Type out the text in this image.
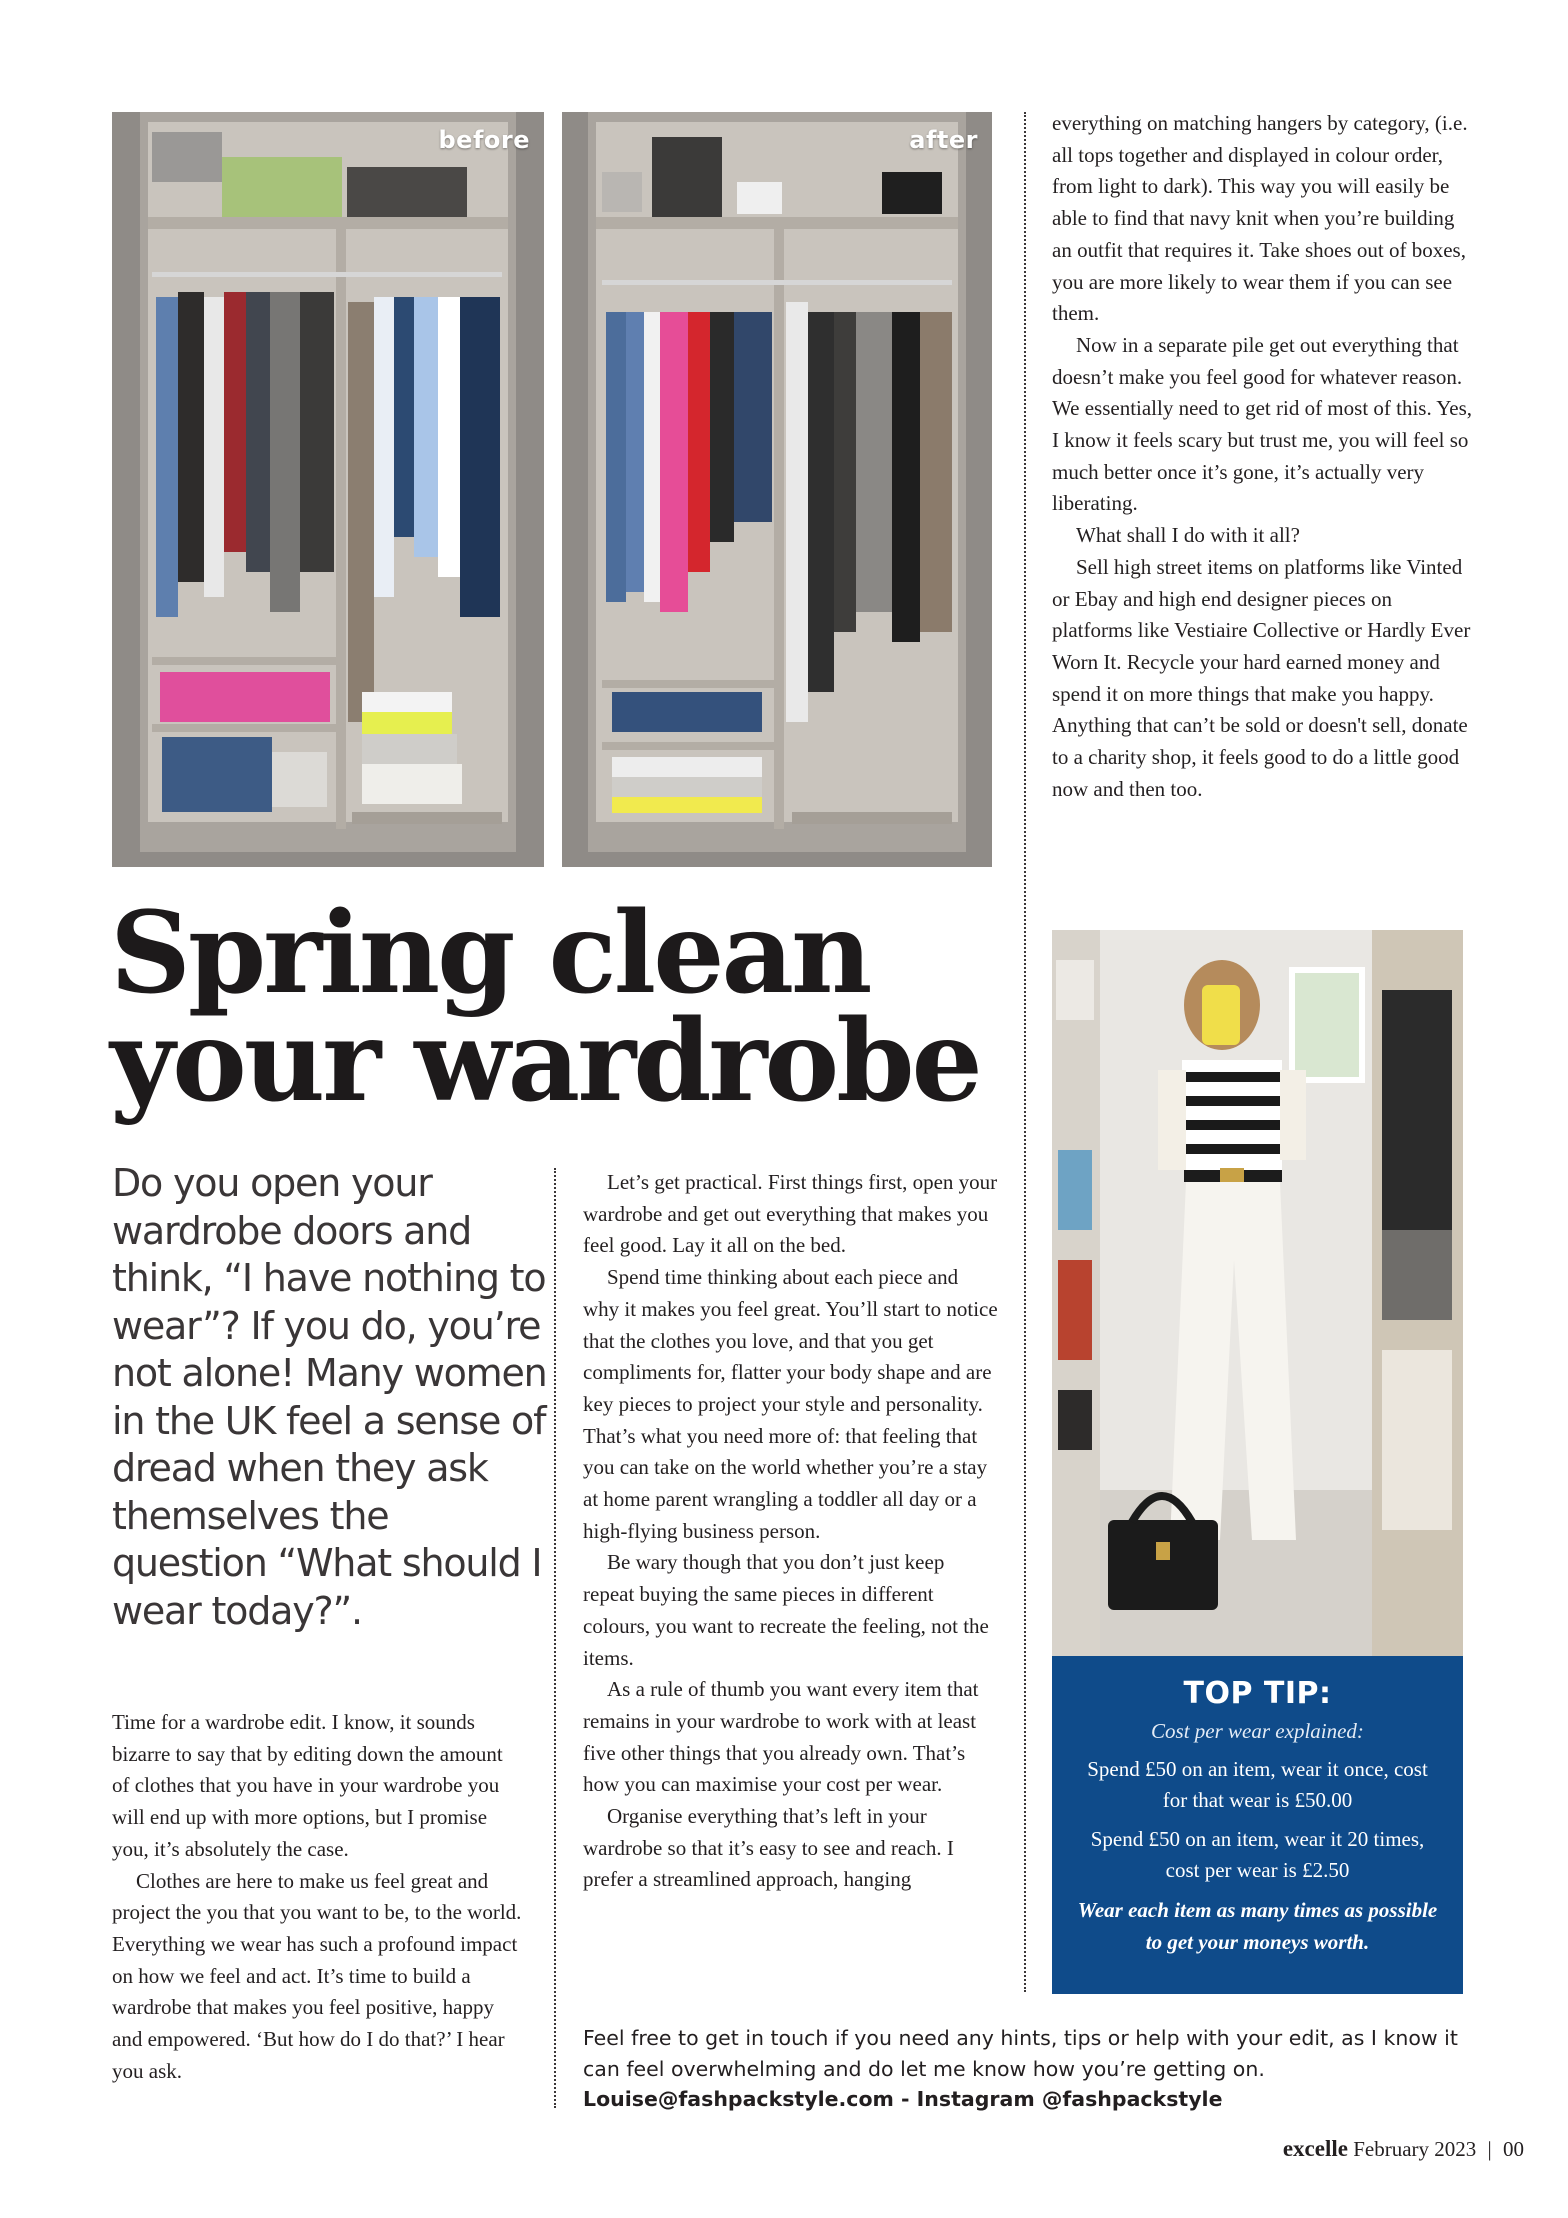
before	after
Spring clean
your wardrobe

Do you open your wardrobe doors and think, “I have nothing to wear”? If you do, you’re not alone! Many women in the UK feel a sense of dread when they ask themselves the question “What should I wear today?”.

Time for a wardrobe edit. I know, it sounds bizarre to say that by editing down the amount of clothes that you have in your wardrobe you will end up with more options, but I promise you, it’s absolutely the case.

Clothes are here to make us feel great and project the you that you want to be, to the world. Everything we wear has such a profound impact on how we feel and act. It’s time to build a wardrobe that makes you feel positive, happy and empowered. ‘But how do I do that?’ I hear you ask.

Let’s get practical. First things first, open your wardrobe and get out everything that makes you feel good. Lay it all on the bed.

Spend time thinking about each piece and why it makes you feel great. You’ll start to notice that the clothes you love, and that you get compliments for, flatter your body shape and are key pieces to project your style and personality. That’s what you need more of: that feeling that you can take on the world whether you’re a stay at home parent wrangling a toddler all day or a high-flying business person.

Be wary though that you don’t just keep repeat buying the same pieces in different colours, you want to recreate the feeling, not the items.

As a rule of thumb you want every item that remains in your wardrobe to work with at least five other things that you already own. That’s how you can maximise your cost per wear.

Organise everything that’s left in your wardrobe so that it’s easy to see and reach. I prefer a streamlined approach, hanging

everything on matching hangers by category, (i.e. all tops together and displayed in colour order, from light to dark). This way you will easily be able to find that navy knit when you’re building an outfit that requires it. Take shoes out of boxes, you are more likely to wear them if you can see them.

Now in a separate pile get out everything that doesn’t make you feel good for whatever reason. We essentially need to get rid of most of this. Yes, I know it feels scary but trust me, you will feel so much better once it’s gone, it’s actually very liberating.

What shall I do with it all?

Sell high street items on platforms like Vinted or Ebay and high end designer pieces on platforms like Vestiaire Collective or Hardly Ever Worn It. Recycle your hard earned money and spend it on more things that make you happy. Anything that can’t be sold or doesn't sell, donate to a charity shop, it feels good to do a little good now and then too.

TOP TIP:
Cost per wear explained:

Spend £50 on an item, wear it once, cost for that wear is £50.00

Spend £50 on an item, wear it 20 times, cost per wear is £2.50

Wear each item as many times as possible to get your moneys worth.

Feel free to get in touch if you need any hints, tips or help with your edit, as I know it can feel overwhelming and do let me know how you’re getting on.
Louise@fashpackstyle.com - Instagram @fashpackstyle
excelle February 2023 | 00
